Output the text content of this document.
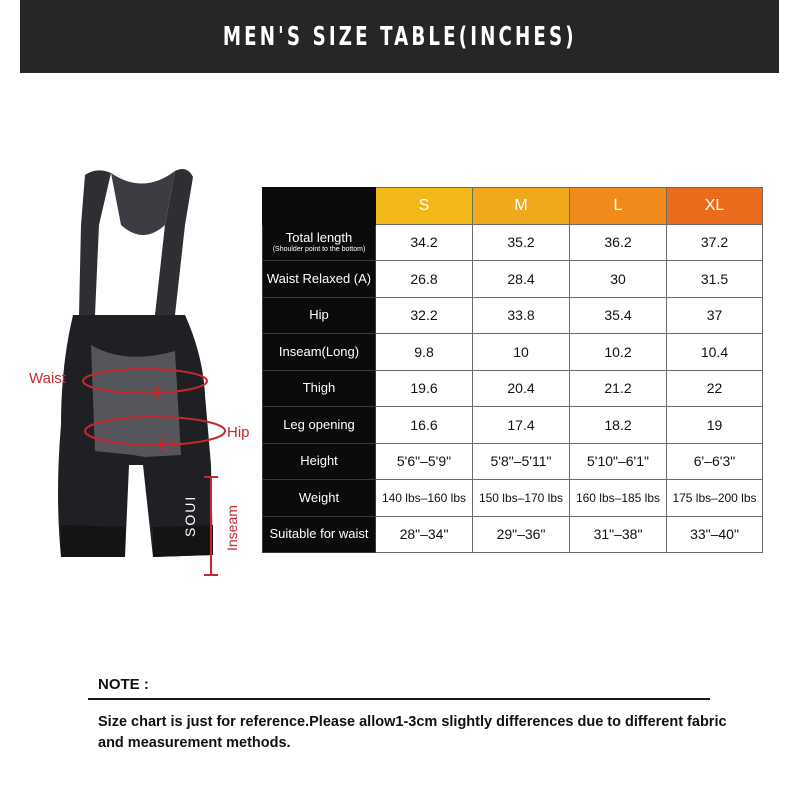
MEN'S SIZE TABLE(INCHES)
SOUI
Waist
Hip
Inseam
	S	M	L	XL
Total length
(Shoulder point to the bottom)	34.2	35.2	36.2	37.2
Waist Relaxed (A)	26.8	28.4	30	31.5
Hip	32.2	33.8	35.4	37
Inseam(Long)	9.8	10	10.2	10.4
Thigh	19.6	20.4	21.2	22
Leg opening	16.6	17.4	18.2	19
Height	5'6"–5'9"	5'8"–5'11"	5'10"–6'1"	6'–6'3"
Weight	140 lbs–160 lbs	150 lbs–170 lbs	160 lbs–185 lbs	175 lbs–200 lbs
Suitable for waist	28"–34"	29"–36"	31"–38"	33"–40"
NOTE :
Size chart is just for reference.Please allow1-3cm slightly differences due to different fabric and measurement methods.
